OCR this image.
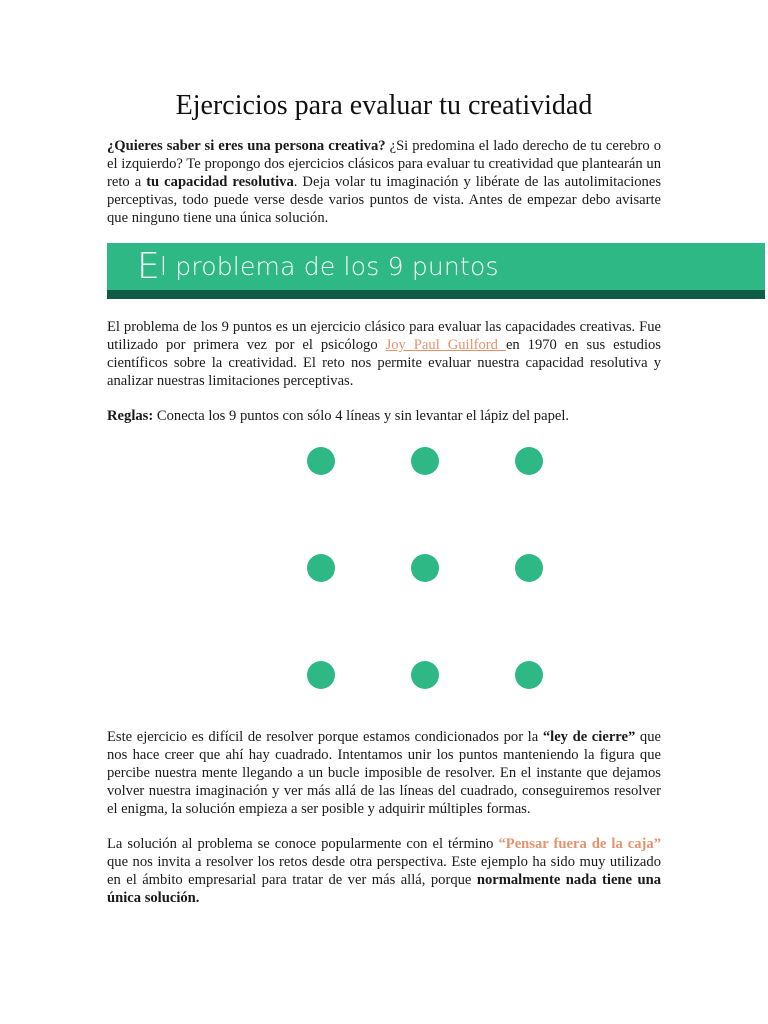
Ejercicios para evaluar tu creatividad

¿Quieres saber si eres una persona creativa? ¿Si predomina el lado derecho de tu cerebro o el izquierdo? Te propongo dos ejercicios clásicos para evaluar tu creatividad que plantearán un reto a tu capacidad resolutiva. Deja volar tu imaginación y libérate de las autolimitaciones perceptivas, todo puede verse desde varios puntos de vista. Antes de empezar debo avisarte que ninguno tiene una única solución.

El problema de los 9 puntos

El problema de los 9 puntos es un ejercicio clásico para evaluar las capacidades creativas. Fue utilizado por primera vez por el psicólogo Joy Paul Guilford en 1970 en sus estudios científicos sobre la creatividad. El reto nos permite evaluar nuestra capacidad resolutiva y analizar nuestras limitaciones perceptivas.

Reglas: Conecta los 9 puntos con sólo 4 líneas y sin levantar el lápiz del papel.

Este ejercicio es difícil de resolver porque estamos condicionados por la “ley de cierre” que nos hace creer que ahí hay cuadrado. Intentamos unir los puntos manteniendo la figura que percibe nuestra mente llegando a un bucle imposible de resolver. En el instante que dejamos volver nuestra imaginación y ver más allá de las líneas del cuadrado, conseguiremos resolver el enigma, la solución empieza a ser posible y adquirir múltiples formas.

La solución al problema se conoce popularmente con el término “Pensar fuera de la caja” que nos invita a resolver los retos desde otra perspectiva. Este ejemplo ha sido muy utilizado en el ámbito empresarial para tratar de ver más allá, porque normalmente nada tiene una única solución.
